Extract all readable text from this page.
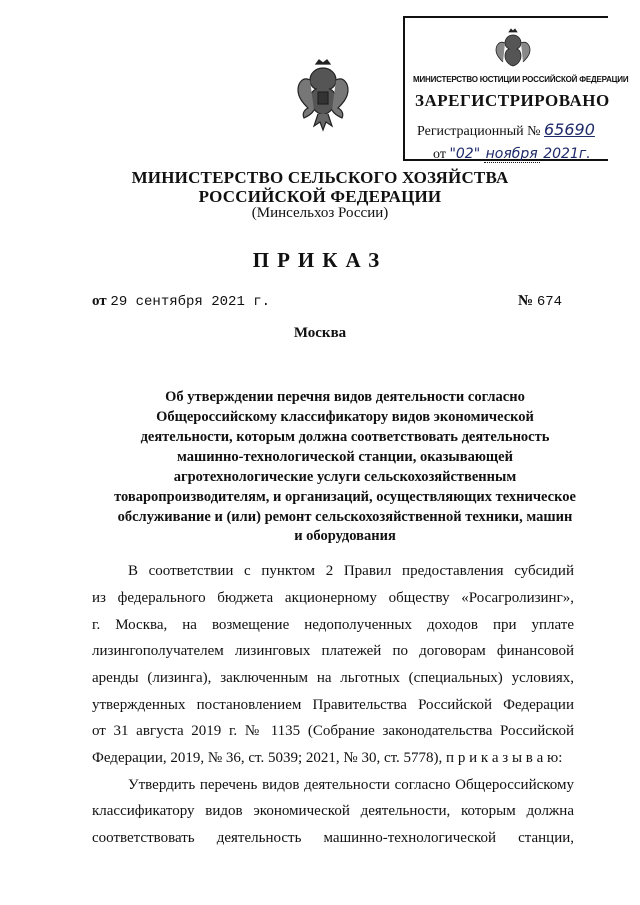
МИНИСТЕРСТВО ЮСТИЦИИ РОССИЙСКОЙ ФЕДЕРАЦИИ
ЗАРЕГИСТРИРОВАНО
Регистрационный № 65690
от "02" ноября 2021г.
МИНИСТЕРСТВО СЕЛЬСКОГО ХОЗЯЙСТВА
РОССИЙСКОЙ ФЕДЕРАЦИИ
(Минсельхоз России)
ПРИКАЗ
от 29 сентября 2021 г.	№ 674
Москва
Об утверждении перечня видов деятельности согласно
Общероссийскому классификатору видов экономической
деятельности, которым должна соответствовать деятельность
машинно-технологической станции, оказывающей
агротехнологические услуги сельскохозяйственным
товаропроизводителям, и организаций, осуществляющих техническое
обслуживание и (или) ремонт сельскохозяйственной техники, машин
и оборудования
В соответствии с пунктом 2 Правил предоставления субсидий
из федерального бюджета акционерному обществу «Росагролизинг»,
г. Москва, на возмещение недополученных доходов при уплате
лизингополучателем лизинговых платежей по договорам финансовой
аренды (лизинга), заключенным на льготных (специальных) условиях,
утвержденных постановлением Правительства Российской Федерации
от 31 августа 2019 г. № 1135 (Собрание законодательства Российской
Федерации, 2019, № 36, ст. 5039; 2021, № 30, ст. 5778), п р и к а з ы в а ю:
Утвердить перечень видов деятельности согласно Общероссийскому
классификатору видов экономической деятельности, которым должна
соответствовать деятельность машинно-технологической станции,
